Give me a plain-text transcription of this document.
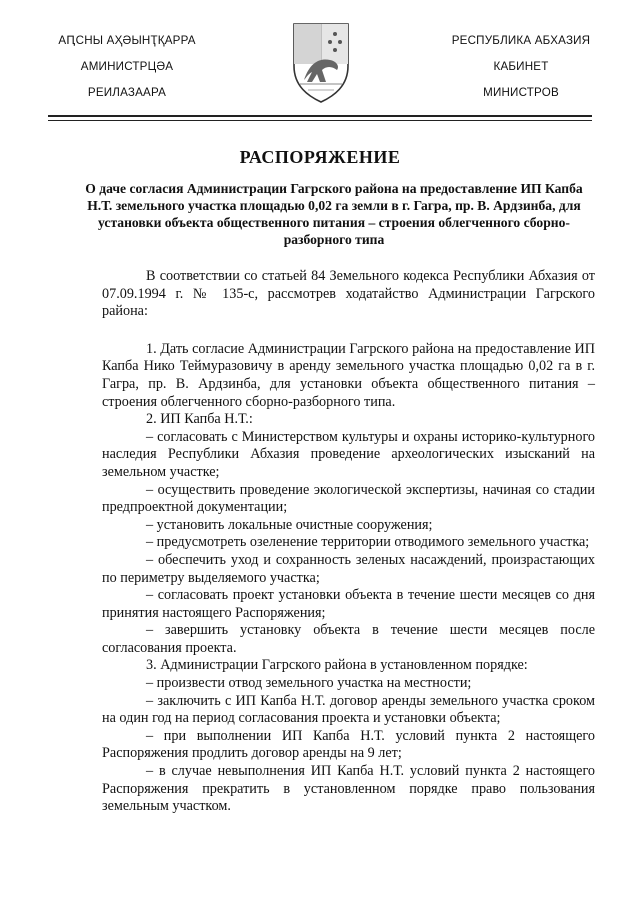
АԤСНЫ АҲӘЫНҬҚАРРА
АМИНИСТРЦӘА
РЕИЛАЗААРА
РЕСПУБЛИКА АБХАЗИЯ
КАБИНЕТ
МИНИСТРОВ
РАСПОРЯЖЕНИЕ
О даче согласия Администрации Гагрского района на предоставление ИП Капба Н.Т. земельного участка площадью 0,02 га земли в г. Гагра, пр. В. Ардзинба, для установки объекта общественного питания – строения облегченного сборно-разборного типа

В соответствии со статьей 84 Земельного кодекса Республики Абхазия от 07.09.1994 г. № 135-с, рассмотрев ходатайство Администрации Гагрского района:

1. Дать согласие Администрации Гагрского района на предоставление ИП Капба Нико Теймуразовичу в аренду земельного участка площадью 0,02 га в г. Гагра, пр. В. Ардзинба, для установки объекта общественного питания – строения облегченного сборно-разборного типа.

2. ИП Капба Н.Т.:

– согласовать с Министерством культуры и охраны историко-культурного наследия Республики Абхазия проведение археологических изысканий на земельном участке;

– осуществить проведение экологической экспертизы, начиная со стадии предпроектной документации;

– установить локальные очистные сооружения;

– предусмотреть озеленение территории отводимого земельного участка;

– обеспечить уход и сохранность зеленых насаждений, произрастающих по периметру выделяемого участка;

– согласовать проект установки объекта в течение шести месяцев со дня принятия настоящего Распоряжения;

– завершить установку объекта в течение шести месяцев после согласования проекта.

3. Администрации Гагрского района в установленном порядке:

– произвести отвод земельного участка на местности;

– заключить с ИП Капба Н.Т. договор аренды земельного участка сроком на один год на период согласования проекта и установки объекта;

– при выполнении ИП Капба Н.Т. условий пункта 2 настоящего Распоряжения продлить договор аренды на 9 лет;

– в случае невыполнения ИП Капба Н.Т. условий пункта 2 настоящего Распоряжения прекратить в установленном порядке право пользования земельным участком.
